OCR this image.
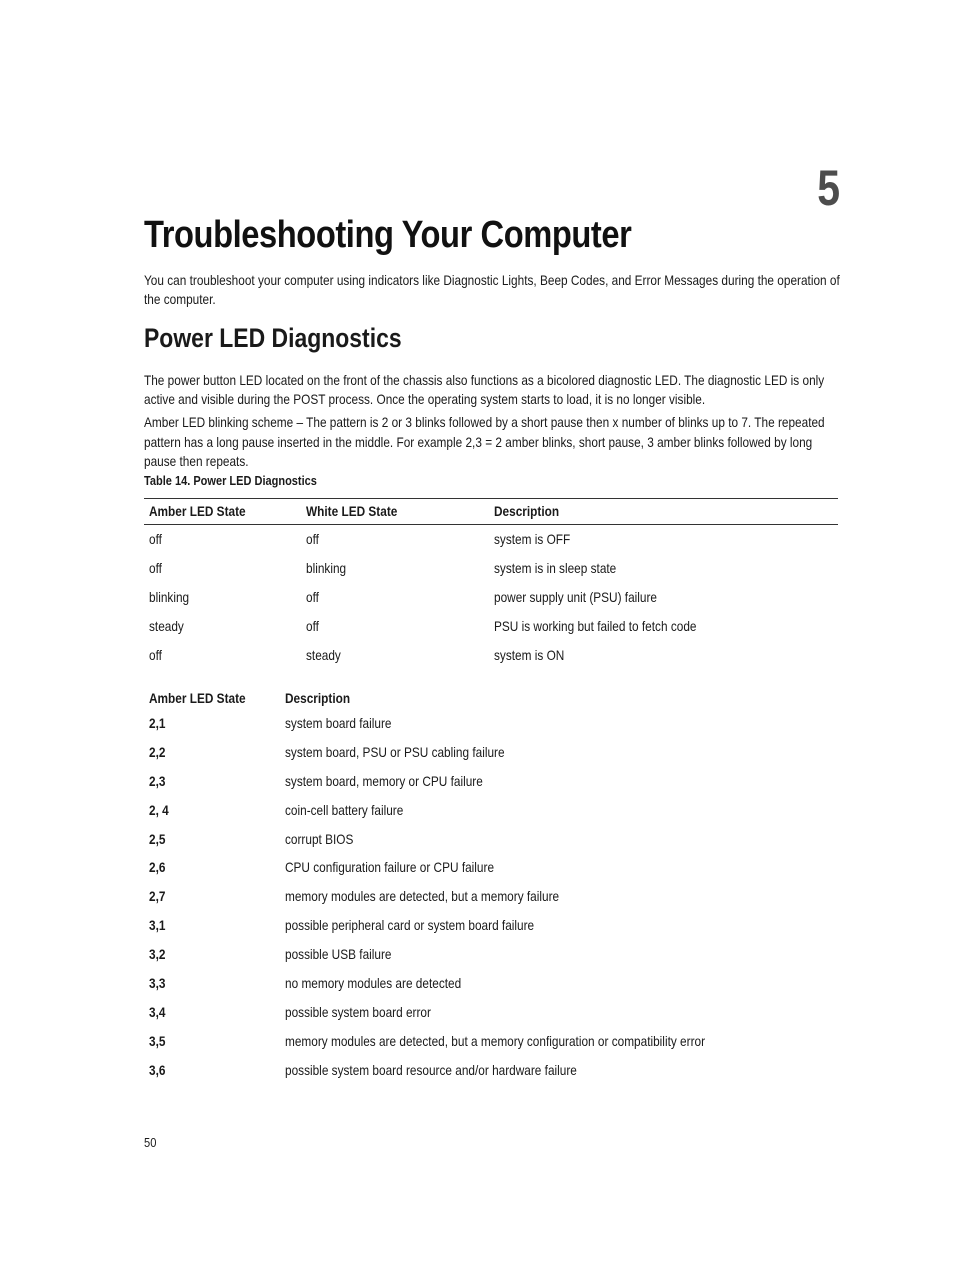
5
Troubleshooting Your Computer

You can troubleshoot your computer using indicators like Diagnostic Lights, Beep Codes, and Error Messages during the operation of the computer.

Power LED Diagnostics

The power button LED located on the front of the chassis also functions as a bicolored diagnostic LED. The diagnostic LED is only active and visible during the POST process. Once the operating system starts to load, it is no longer visible.

Amber LED blinking scheme – The pattern is 2 or 3 blinks followed by a short pause then x number of blinks up to 7. The repeated pattern has a long pause inserted in the middle. For example 2,3 = 2 amber blinks, short pause, 3 amber blinks followed by long pause then repeats.

Table 14. Power LED Diagnostics

Amber LED State	White LED State	Description
off	off	system is OFF
off	blinking	system is in sleep state
blinking	off	power supply unit (PSU) failure
steady	off	PSU is working but failed to fetch code
off	steady	system is ON
Amber LED State	Description
2,1	system board failure
2,2	system board, PSU or PSU cabling failure
2,3	system board, memory or CPU failure
2, 4	coin-cell battery failure
2,5	corrupt BIOS
2,6	CPU configuration failure or CPU failure
2,7	memory modules are detected, but a memory failure
3,1	possible peripheral card or system board failure
3,2	possible USB failure
3,3	no memory modules are detected
3,4	possible system board error
3,5	memory modules are detected, but a memory configuration or compatibility error
3,6	possible system board resource and/or hardware failure

50
